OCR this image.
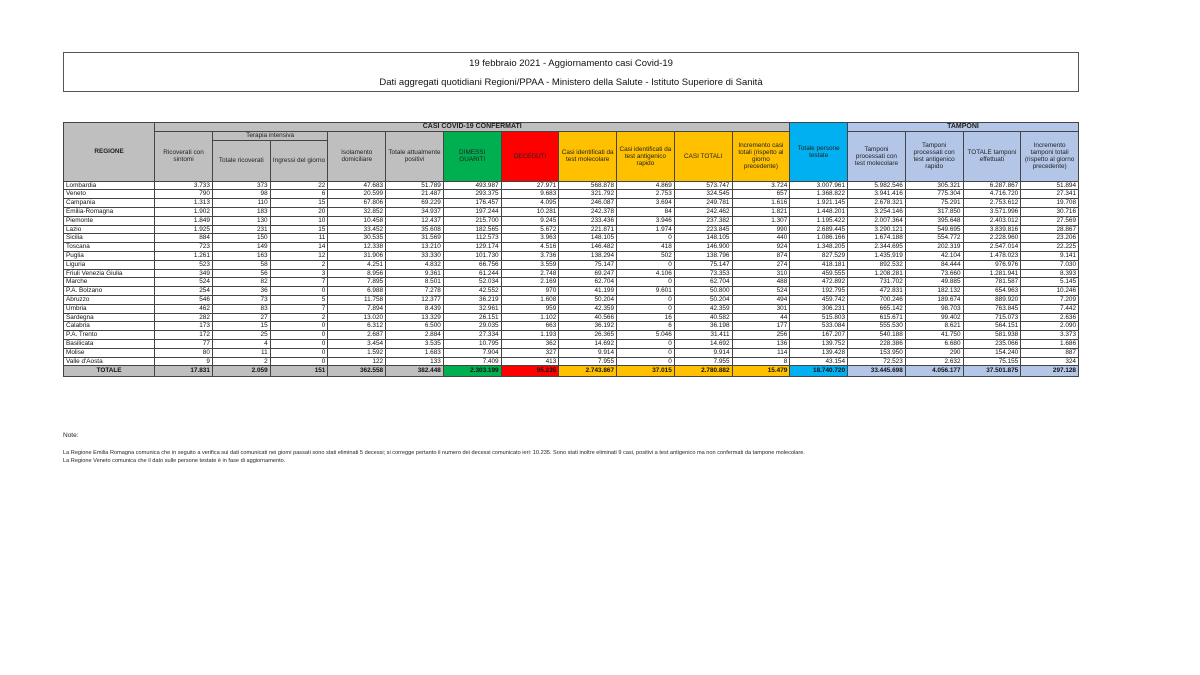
19 febbraio 2021 - Aggiornamento casi Covid-19
Dati aggregati quotidiani Regioni/PPAA - Ministero della Salute - Istituto Superiore di Sanità
REGIONE	CASI COVID-19 CONFERMATI											Totale persone testate	TAMPONI			
	Ricoverati con sintomi	Terapia intensiva		Isolamento domiciliare	Totale attualmente positivi	DIMESSI GUARITI	DECEDUTI	Casi identificati da test molecolare	Casi identificati da test antigenico rapido	CASI TOTALI	Incremento casi totali (rispetto al giorno precedente)		Tamponi processati con test molecolare	Tamponi processati con test antigenico rapido	TOTALE tamponi effettuati	Incremento tamponi totali (rispetto al giorno precedente)
		Totale ricoverati	Ingressi del giorno													
Lombardia	3.733	373	22	47.683	51.789	493.987	27.971	568.878	4.869	573.747	3.724	3.007.961	5.982.546	305.321	6.287.867	51.894
Veneto	790	98	6	20.599	21.487	293.375	9.683	321.792	2.753	324.545	657	1.368.822	3.941.416	775.304	4.716.720	27.341
Campania	1.313	110	15	67.806	69.229	176.457	4.095	246.087	3.694	249.781	1.616	1.921.145	2.678.321	75.291	2.753.612	19.708
Emilia-Romagna	1.902	183	20	32.852	34.937	197.244	10.281	242.378	84	242.462	1.821	1.448.201	3.254.146	317.850	3.571.996	30.716
Piemonte	1.849	130	10	10.458	12.437	215.700	9.245	233.436	3.946	237.382	1.307	1.195.422	2.007.364	395.648	2.403.012	27.569
Lazio	1.925	231	15	33.452	35.608	182.565	5.672	221.871	1.974	223.845	990	2.689.445	3.290.121	549.695	3.839.816	28.867
Sicilia	884	150	11	30.535	31.569	112.573	3.963	148.105	0	148.105	440	1.086.166	1.674.188	554.772	2.228.960	23.206
Toscana	723	149	14	12.338	13.210	129.174	4.516	146.482	418	146.900	924	1.348.205	2.344.695	202.319	2.547.014	22.225
Puglia	1.261	163	12	31.906	33.330	101.730	3.736	138.294	502	138.796	874	827.529	1.435.919	42.104	1.478.023	9.141
Liguria	523	58	2	4.251	4.832	66.756	3.559	75.147	0	75.147	274	418.181	892.532	84.444	976.976	7.030
Friuli Venezia Giulia	349	56	3	8.956	9.361	61.244	2.748	69.247	4.106	73.353	310	459.555	1.208.281	73.660	1.281.941	8.393
Marche	524	82	7	7.895	8.501	52.034	2.169	62.704	0	62.704	488	472.892	731.702	49.885	781.587	5.145
P.A. Bolzano	254	36	0	6.988	7.278	42.552	970	41.199	9.601	50.800	524	192.795	472.831	182.132	654.963	10.246
Abruzzo	546	73	5	11.758	12.377	36.219	1.608	50.204	0	50.204	494	459.742	700.246	189.674	889.920	7.209
Umbria	462	83	7	7.894	8.439	32.961	959	42.359	0	42.359	301	306.231	665.142	98.703	763.845	7.442
Sardegna	282	27	2	13.020	13.329	26.151	1.102	40.566	16	40.582	44	515.803	615.671	99.402	715.073	2.636
Calabria	173	15	0	6.312	6.500	29.035	663	36.192	6	36.198	177	533.084	555.530	8.621	564.151	2.090
P.A. Trento	172	25	0	2.687	2.884	27.334	1.193	26.365	5.046	31.411	256	167.207	540.188	41.750	581.938	3.373
Basilicata	77	4	0	3.454	3.535	10.795	362	14.692	0	14.692	136	139.752	228.386	6.680	235.066	1.686
Molise	80	11	0	1.592	1.683	7.904	327	9.914	0	9.914	114	139.428	153.950	290	154.240	887
Valle d'Aosta	9	2	0	122	133	7.409	413	7.955	0	7.955	8	43.154	72.523	2.632	75.155	324
TOTALE	17.831	2.059	151	362.558	382.448	2.303.199	95.235	2.743.867	37.015	2.780.882	15.479	18.740.720	33.445.698	4.056.177	37.501.875	297.128
Note:
La Regione Emilia Romagna comunica che in seguito a verifica sui dati comunicati nei giorni passati sono stati eliminati 5 decessi; si corregge pertanto il numero dei decessi comunicato ieri: 10.235. Sono stati inoltre eliminati 9 casi, positivi a test antigenico ma non confermati da tampone molecolare.
La Regione Veneto comunica che il dato sulle persone testate è in fase di aggiornamento.
